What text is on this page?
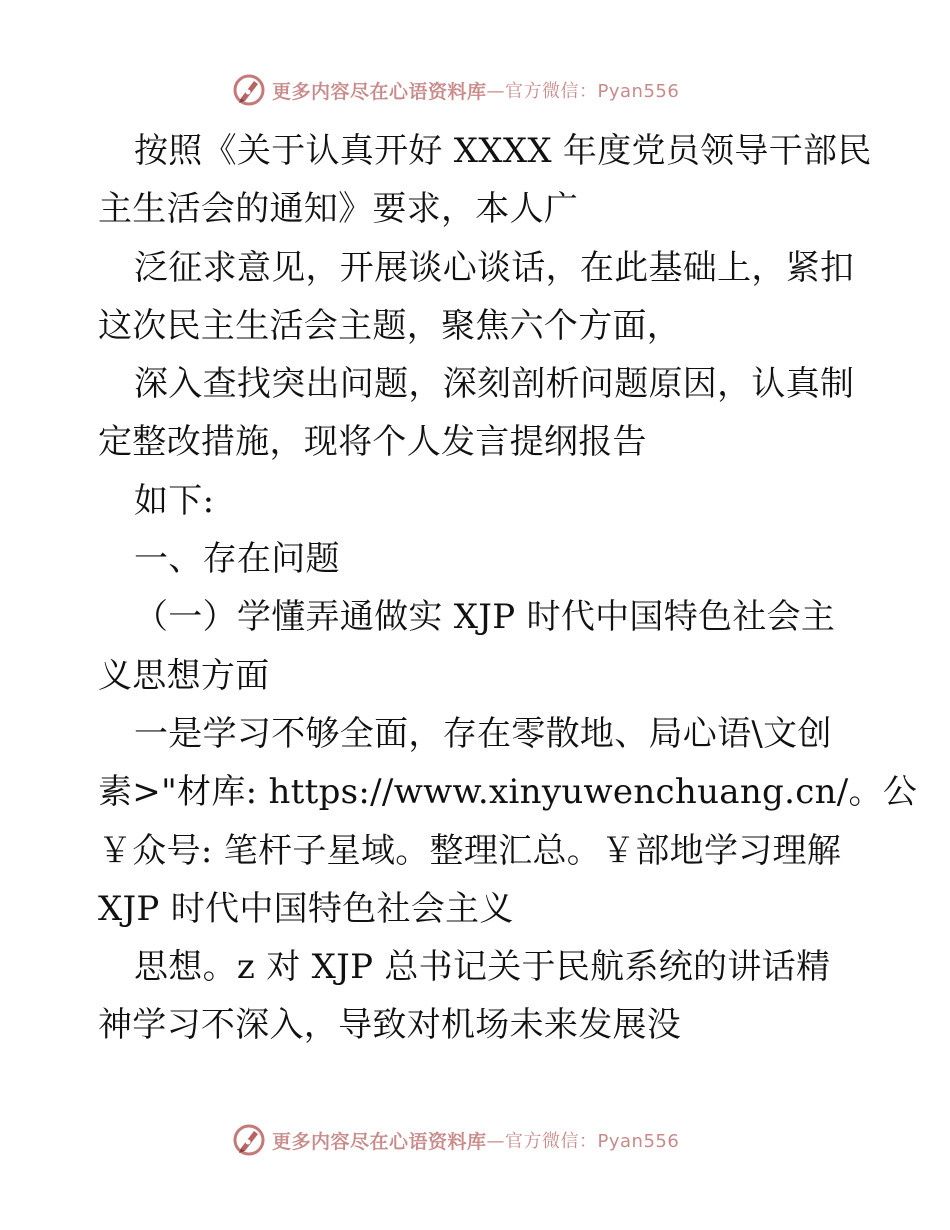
更多内容尽在心语资料库 —官方微信：Pyan556
按照《关于认真开好 XXXX 年度党员领导干部民
主生活会的通知》要求，本人广
泛征求意见，开展谈心谈话，在此基础上，紧扣
这次民主生活会主题，聚焦六个方面，
深入查找突出问题，深刻剖析问题原因，认真制
定整改措施，现将个人发言提纲报告
如下:
一、存在问题
（一）学懂弄通做实 XJP 时代中国特色社会主
义思想方面
一是学习不够全面，存在零散地、局心语\文创
素>"材库: https://www.xinyuwenchuang.cn/。公
￥众号: 笔杆子星域。整理汇总。￥部地学习理解
XJP 时代中国特色社会主义
思想。z 对 XJP 总书记关于民航系统的讲话精
神学习不深入，导致对机场未来发展没
更多内容尽在心语资料库 —官方微信：Pyan556
